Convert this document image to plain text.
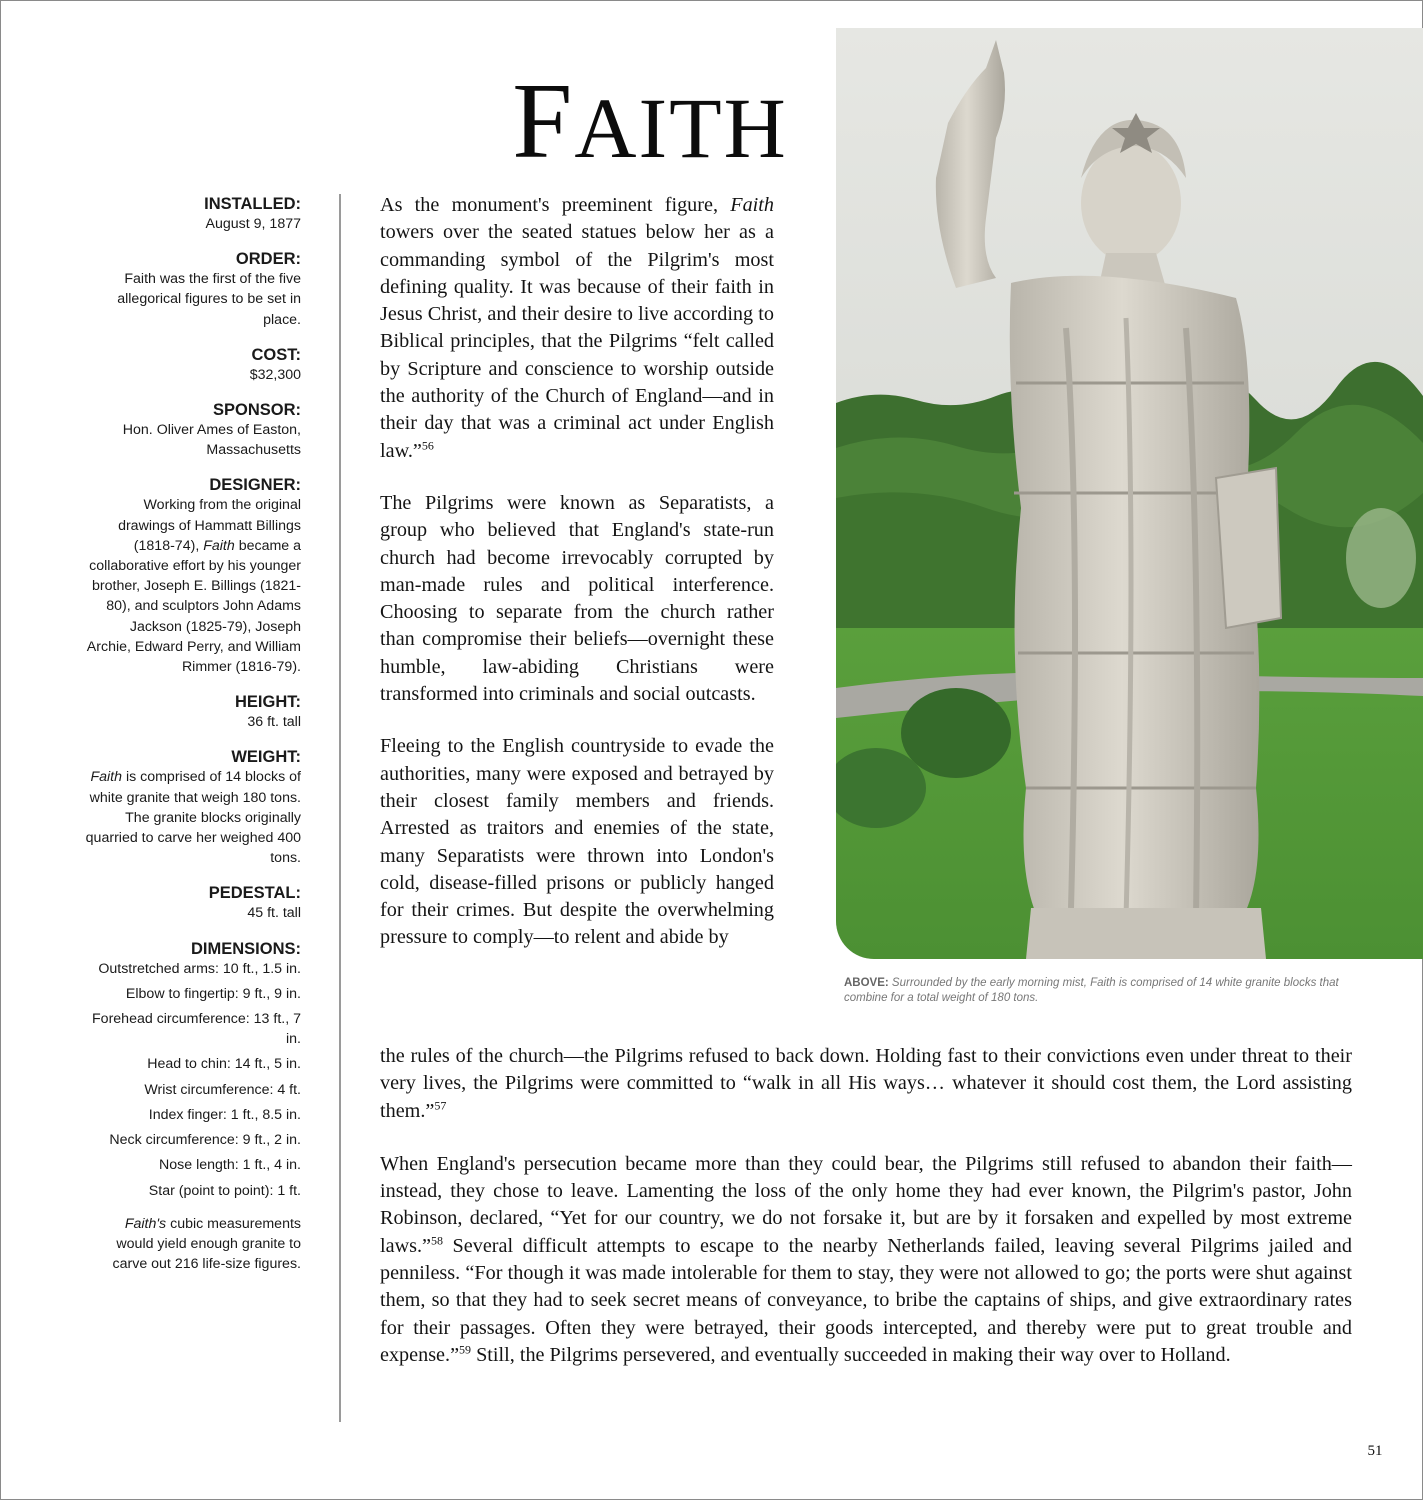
FAITH

INSTALLED:

August 9, 1877

ORDER:

Faith was the first of the five allegorical figures to be set in place.

COST:

$32,300

SPONSOR:

Hon. Oliver Ames of Easton, Massachusetts

DESIGNER:

Working from the original drawings of Hammatt Billings (1818-74), Faith became a collaborative effort by his younger brother, Joseph E. Billings (1821-80), and sculptors John Adams Jackson (1825-79), Joseph Archie, Edward Perry, and William Rimmer (1816-79).

HEIGHT:

36 ft. tall

WEIGHT:

Faith is comprised of 14 blocks of white granite that weigh 180 tons. The granite blocks originally quarried to carve her weighed 400 tons.

PEDESTAL:

45 ft. tall

DIMENSIONS:

Outstretched arms: 10 ft., 1.5 in.

Elbow to fingertip: 9 ft., 9 in.

Forehead circumference: 13 ft., 7 in.

Head to chin: 14 ft., 5 in.

Wrist circumference: 4 ft.

Index finger: 1 ft., 8.5 in.

Neck circumference: 9 ft., 2 in.

Nose length: 1 ft., 4 in.

Star (point to point): 1 ft.

Faith's cubic measurements would yield enough granite to carve out 216 life-size figures.

As the monument's preeminent figure, Faith towers over the seated statues below her as a commanding symbol of the Pilgrim's most defining quality. It was because of their faith in Jesus Christ, and their desire to live according to Biblical principles, that the Pilgrims “felt called by Scripture and conscience to worship outside the authority of the Church of England—and in their day that was a criminal act under English law.”$^{56}$

The Pilgrims were known as Separatists, a group who believed that England's state-run church had become irrevocably corrupted by man-made rules and political interference. Choosing to separate from the church rather than compromise their beliefs—overnight these humble, law-abiding Christians were transformed into criminals and social outcasts.

Fleeing to the English countryside to evade the authorities, many were exposed and betrayed by their closest family members and friends. Arrested as traitors and enemies of the state, many Separatists were thrown into London's cold, disease-filled prisons or publicly hanged for their crimes. But despite the overwhelming pressure to comply—to relent and abide by

the rules of the church—the Pilgrims refused to back down. Holding fast to their convictions even under threat to their very lives, the Pilgrims were committed to “walk in all His ways… whatever it should cost them, the Lord assisting them.”$^{57}$

When England's persecution became more than they could bear, the Pilgrims still refused to abandon their faith—instead, they chose to leave. Lamenting the loss of the only home they had ever known, the Pilgrim's pastor, John Robinson, declared, “Yet for our country, we do not forsake it, but are by it forsaken and expelled by most extreme laws.”$^{58}$ Several difficult attempts to escape to the nearby Netherlands failed, leaving several Pilgrims jailed and penniless. “For though it was made intolerable for them to stay, they were not allowed to go; the ports were shut against them, so that they had to seek secret means of conveyance, to bribe the captains of ships, and give extraordinary rates for their passages. Often they were betrayed, their goods intercepted, and thereby were put to great trouble and expense.”$^{59}$ Still, the Pilgrims persevered, and eventually succeeded in making their way over to Holland.

ABOVE: Surrounded by the early morning mist, Faith is comprised of 14 white granite blocks that combine for a total weight of 180 tons.
51
